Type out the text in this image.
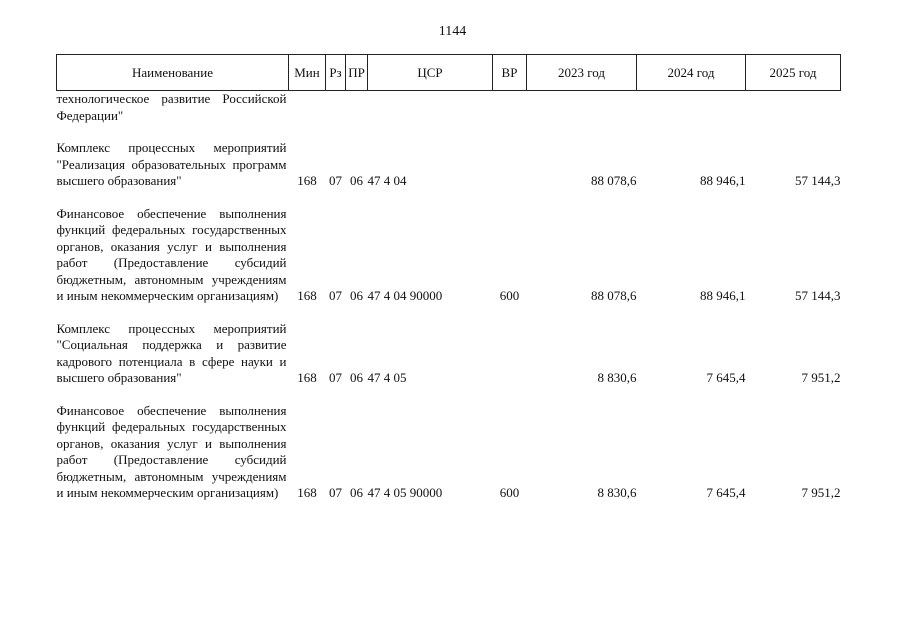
1144
Наименование	Мин	Рз	ПР	ЦСР	ВР	2023 год	2024 год	2025 год
технологическое развитие Российской Федерации"								

Комплекс процессных мероприятий "Реализация образовательных программ высшего образования"	168	07	06	47 4 04		88 078,6	88 946,1	57 144,3

Финансовое обеспечение выполнения функций федеральных государственных органов, оказания услуг и выполнения работ (Предоставление субсидий бюджетным, автономным учреждениям и иным некоммерческим организациям)	168	07	06	47 4 04 90000	600	88 078,6	88 946,1	57 144,3

Комплекс процессных мероприятий "Социальная поддержка и развитие кадрового потенциала в сфере науки и высшего образования"	168	07	06	47 4 05		8 830,6	7 645,4	7 951,2

Финансовое обеспечение выполнения функций федеральных государственных органов, оказания услуг и выполнения работ (Предоставление субсидий бюджетным, автономным учреждениям и иным некоммерческим организациям)	168	07	06	47 4 05 90000	600	8 830,6	7 645,4	7 951,2
